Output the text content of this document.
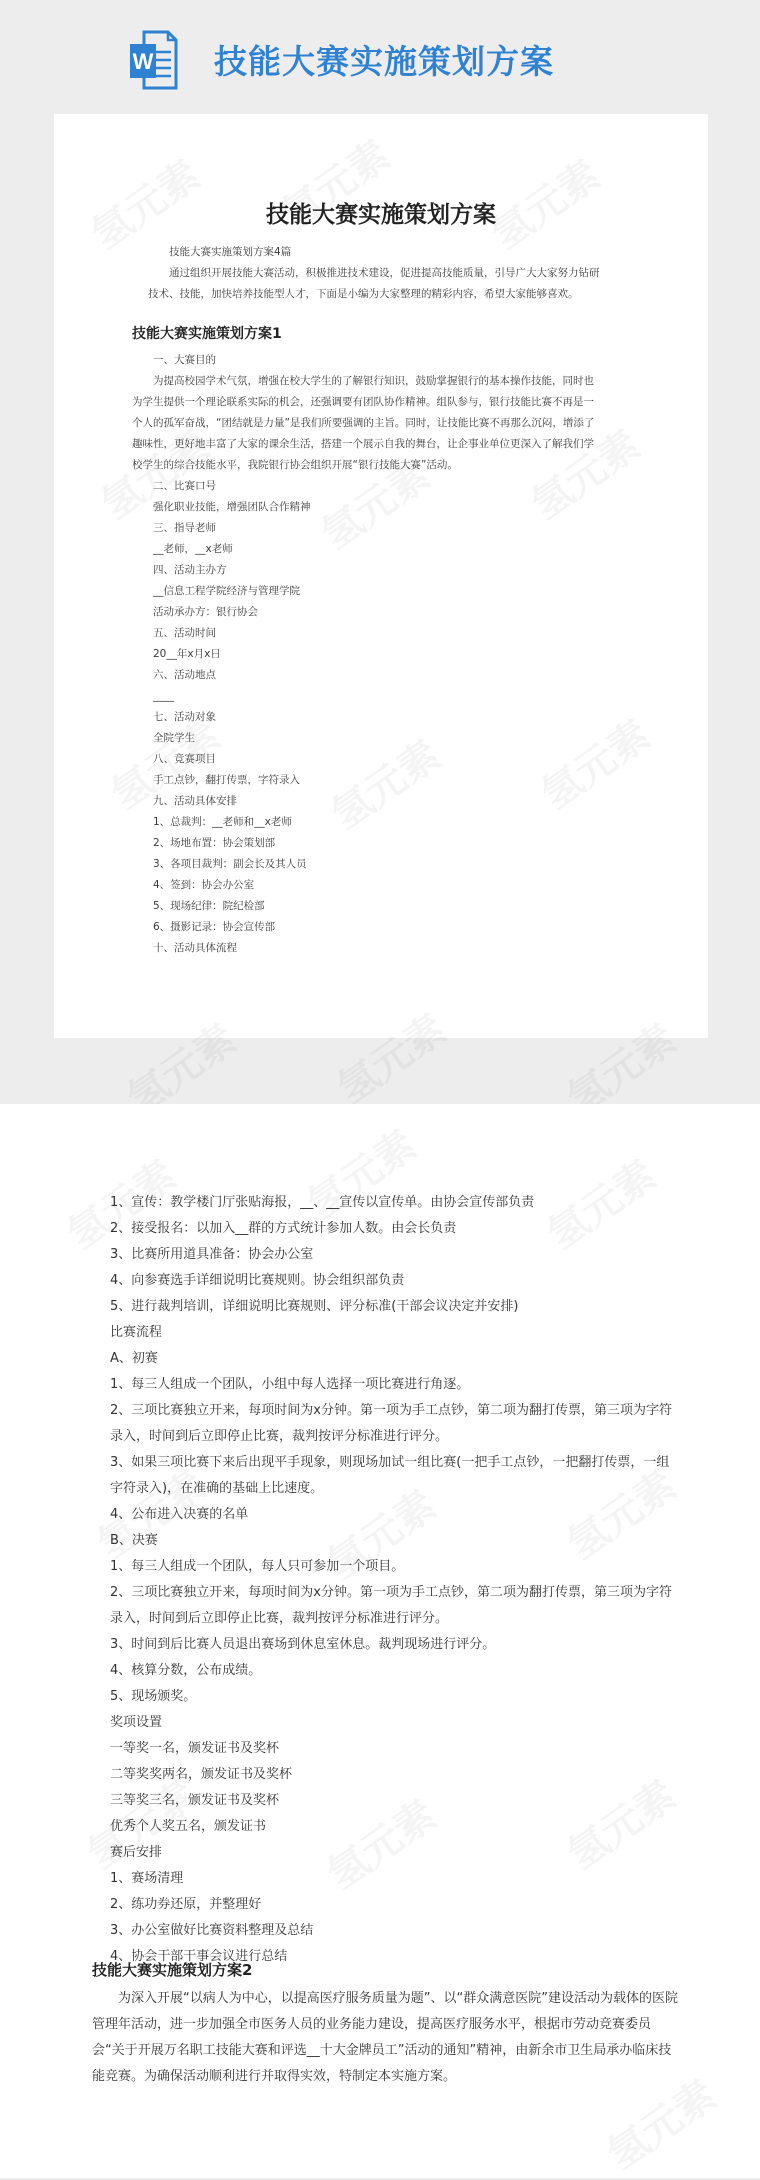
W 技能大赛实施策划方案
技能大赛实施策划方案

技能大赛实施策划方案4篇

通过组织开展技能大赛活动，积极推进技术建设，促进提高技能质量，引导广大大家努力钻研技术、技能，加快培养技能型人才，下面是小编为大家整理的精彩内容，希望大家能够喜欢。

技能大赛实施策划方案1

一、大赛目的

为提高校园学术气氛，增强在校大学生的了解银行知识，鼓励掌握银行的基本操作技能，同时也为学生提供一个理论联系实际的机会，还强调要有团队协作精神。组队参与，银行技能比赛不再是一个人的孤军奋战，“团结就是力量”是我们所要强调的主旨。同时，让技能比赛不再那么沉闷，增添了趣味性，更好地丰富了大家的课余生活，搭建一个展示自我的舞台，让企事业单位更深入了解我们学校学生的综合技能水平，我院银行协会组织开展“银行技能大赛”活动。

二、比赛口号

强化职业技能，增强团队合作精神

三、指导老师

__老师，__x老师

四、活动主办方

__信息工程学院经济与管理学院

活动承办方：银行协会

五、活动时间

20__年x月x日

六、活动地点

____

七、活动对象

全院学生

八、竞赛项目

手工点钞，翻打传票，字符录入

九、活动具体安排

1、总裁判：__老师和__x老师

2、场地布置：协会策划部

3、各项目裁判：副会长及其人员

4、签到：协会办公室

5、现场纪律：院纪检部

6、摄影记录：协会宣传部

十、活动具体流程

1、宣传：教学楼门厅张贴海报，__、__宣传以宣传单。由协会宣传部负责

2、接受报名：以加入__群的方式统计参加人数。由会长负责

3、比赛所用道具准备：协会办公室

4、向参赛选手详细说明比赛规则。协会组织部负责

5、进行裁判培训，详细说明比赛规则、评分标准(干部会议决定并安排)

比赛流程

A、初赛

1、每三人组成一个团队，小组中每人选择一项比赛进行角逐。

2、三项比赛独立开来，每项时间为x分钟。第一项为手工点钞，第二项为翻打传票，第三项为字符录入，时间到后立即停止比赛，裁判按评分标准进行评分。

3、如果三项比赛下来后出现平手现象，则现场加试一组比赛(一把手工点钞，一把翻打传票，一组字符录入)，在准确的基础上比速度。

4、公布进入决赛的名单

B、决赛

1、每三人组成一个团队，每人只可参加一个项目。

2、三项比赛独立开来，每项时间为x分钟。第一项为手工点钞，第二项为翻打传票，第三项为字符录入，时间到后立即停止比赛，裁判按评分标准进行评分。

3、时间到后比赛人员退出赛场到休息室休息。裁判现场进行评分。

4、核算分数，公布成绩。

5、现场颁奖。

奖项设置

一等奖一名，颁发证书及奖杯

二等奖奖两名，颁发证书及奖杯

三等奖三名，颁发证书及奖杯

优秀个人奖五名，颁发证书

赛后安排

1、赛场清理

2、练功券还原，并整理好

3、办公室做好比赛资料整理及总结

4、协会干部干事会议进行总结

技能大赛实施策划方案2

为深入开展“以病人为中心，以提高医疗服务质量为题”、以“群众满意医院”建设活动为载体的医院管理年活动，进一步加强全市医务人员的业务能力建设，提高医疗服务水平，根据市劳动竞赛委员会“关于开展万名职工技能大赛和评选__十大金牌员工”活动的通知”精神，由新余市卫生局承办临床技能竞赛。为确保活动顺利进行并取得实效，特制定本实施方案。
